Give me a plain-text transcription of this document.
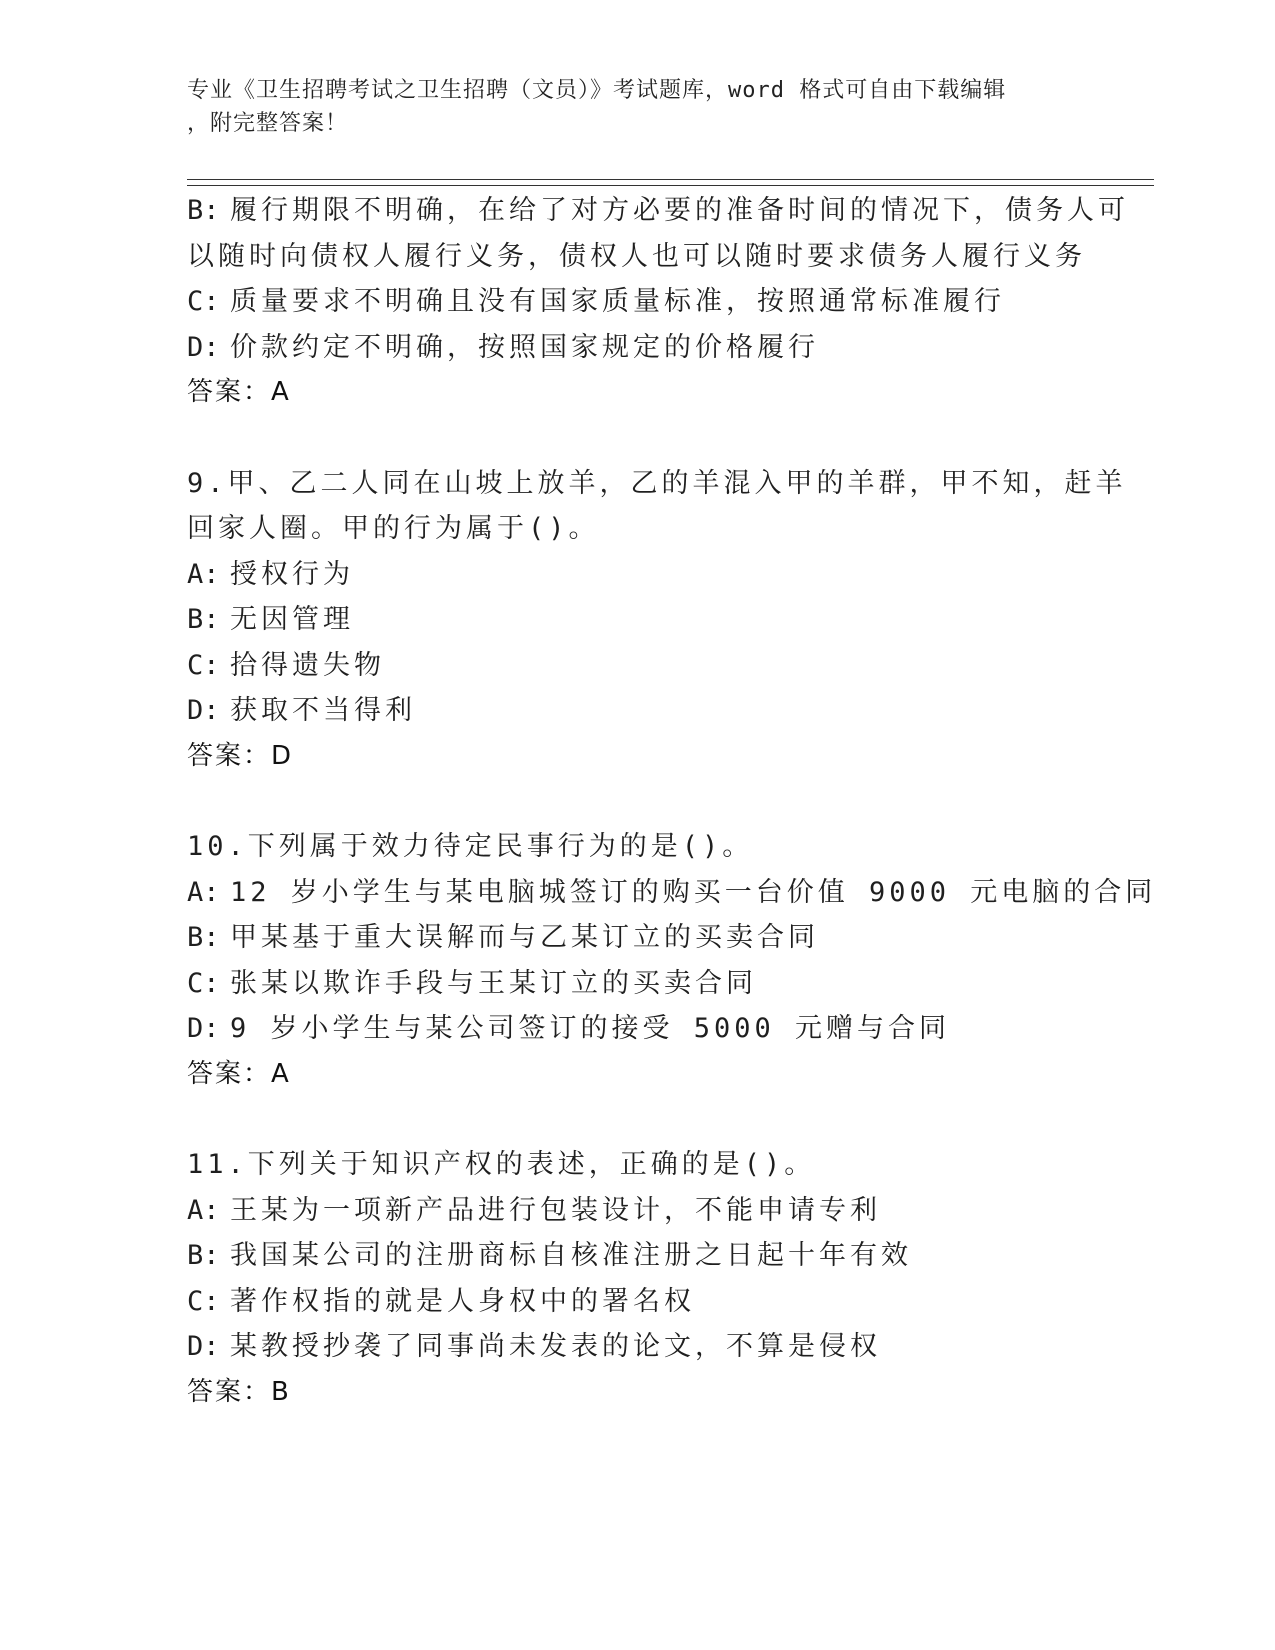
专业《卫生招聘考试之卫生招聘（文员）》考试题库，word 格式可自由下载编辑
，附完整答案！
B: 履行期限不明确，在给了对方必要的准备时间的情况下，债务人可
以随时向债权人履行义务，债权人也可以随时要求债务人履行义务
C: 质量要求不明确且没有国家质量标准，按照通常标准履行
D: 价款约定不明确，按照国家规定的价格履行
答案：A
9.甲、乙二人同在山坡上放羊，乙的羊混入甲的羊群，甲不知，赶羊
回家人圈。甲的行为属于()。
A: 授权行为
B: 无因管理
C: 拾得遗失物
D: 获取不当得利
答案：D
10.下列属于效力待定民事行为的是()。
A: 12 岁小学生与某电脑城签订的购买一台价值 9000 元电脑的合同
B: 甲某基于重大误解而与乙某订立的买卖合同
C: 张某以欺诈手段与王某订立的买卖合同
D: 9 岁小学生与某公司签订的接受 5000 元赠与合同
答案：A
11.下列关于知识产权的表述，正确的是()。
A: 王某为一项新产品进行包装设计，不能申请专利
B: 我国某公司的注册商标自核准注册之日起十年有效
C: 著作权指的就是人身权中的署名权
D: 某教授抄袭了同事尚未发表的论文，不算是侵权
答案：B
